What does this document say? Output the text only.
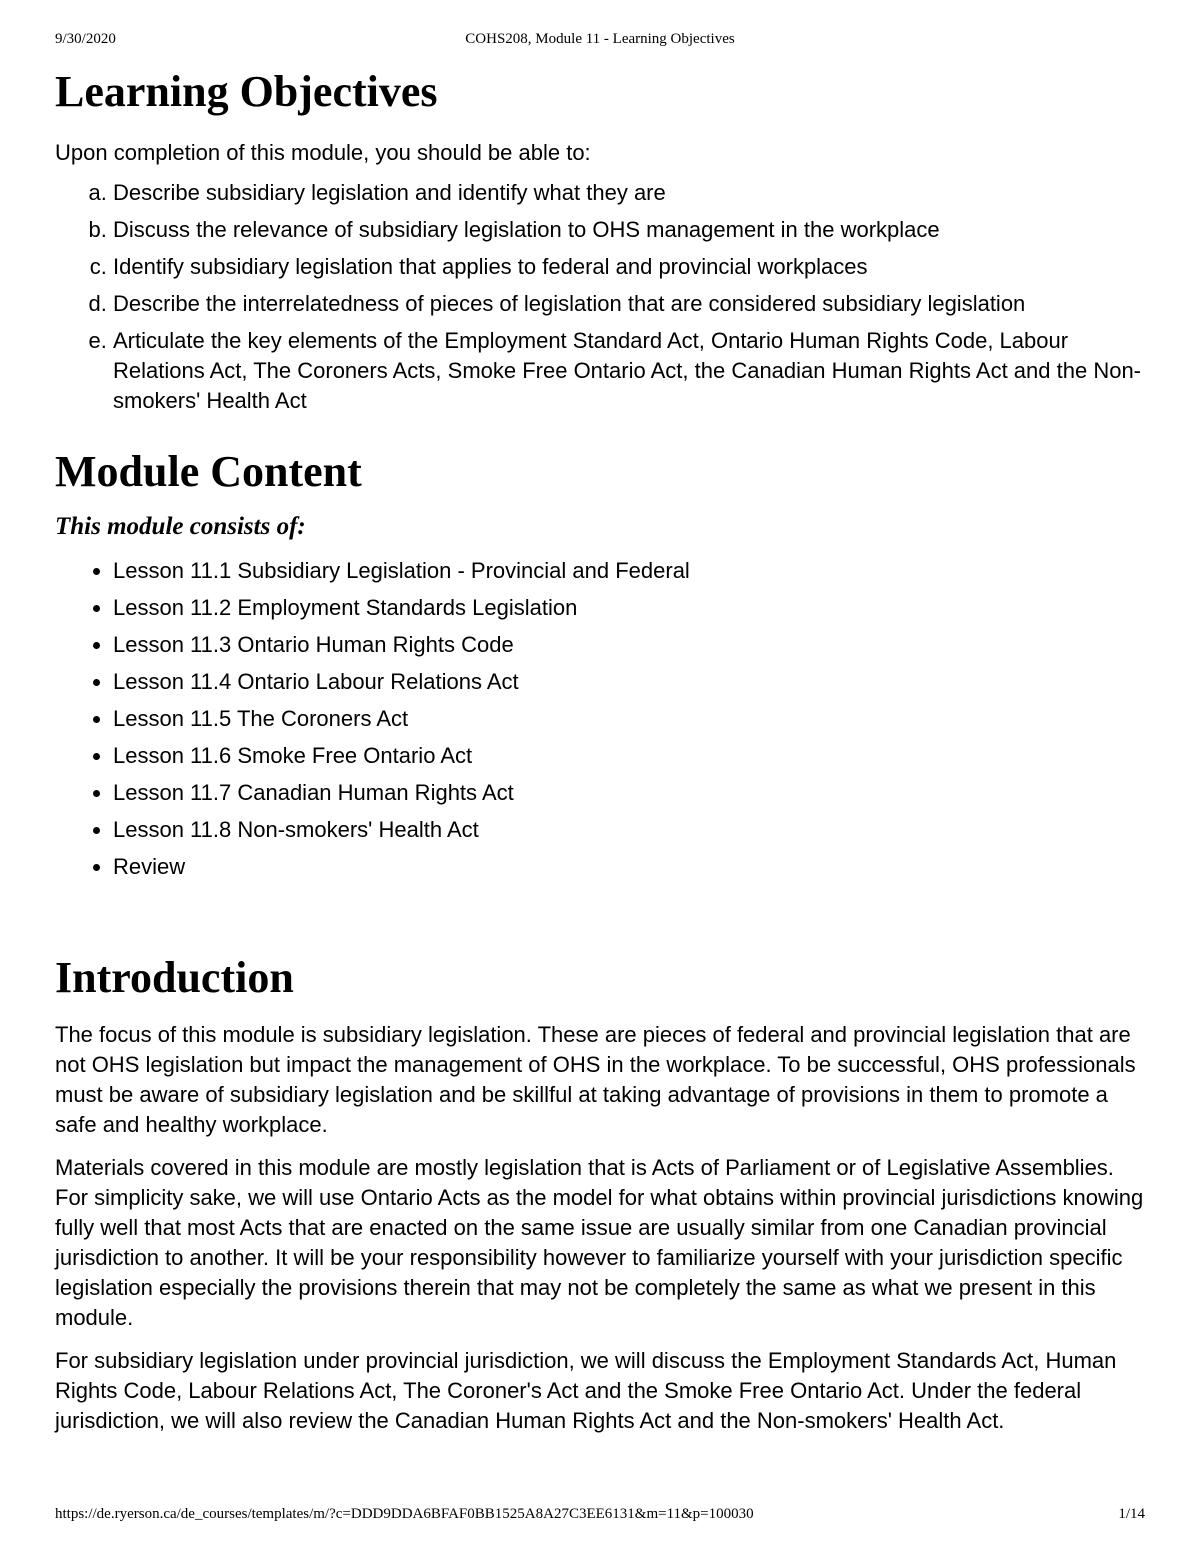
9/30/2020	COHS208, Module 11 - Learning Objectives
Learning Objectives

Upon completion of this module, you should be able to:

a. Describe subsidiary legislation and identify what they are
b. Discuss the relevance of subsidiary legislation to OHS management in the workplace
c. Identify subsidiary legislation that applies to federal and provincial workplaces
d. Describe the interrelatedness of pieces of legislation that are considered subsidiary legislation
e. Articulate the key elements of the Employment Standard Act, Ontario Human Rights Code, Labour Relations Act, The Coroners Acts, Smoke Free Ontario Act, the Canadian Human Rights Act and the Non-smokers' Health Act
Module Content

This module consists of:

• Lesson 11.1 Subsidiary Legislation - Provincial and Federal
• Lesson 11.2 Employment Standards Legislation
• Lesson 11.3 Ontario Human Rights Code
• Lesson 11.4 Ontario Labour Relations Act
• Lesson 11.5 The Coroners Act
• Lesson 11.6 Smoke Free Ontario Act
• Lesson 11.7 Canadian Human Rights Act
• Lesson 11.8 Non-smokers' Health Act
• Review
Introduction

The focus of this module is subsidiary legislation. These are pieces of federal and provincial legislation that are not OHS legislation but impact the management of OHS in the workplace. To be successful, OHS professionals must be aware of subsidiary legislation and be skillful at taking advantage of provisions in them to promote a safe and healthy workplace.

Materials covered in this module are mostly legislation that is Acts of Parliament or of Legislative Assemblies. For simplicity sake, we will use Ontario Acts as the model for what obtains within provincial jurisdictions knowing fully well that most Acts that are enacted on the same issue are usually similar from one Canadian provincial jurisdiction to another. It will be your responsibility however to familiarize yourself with your jurisdiction specific legislation especially the provisions therein that may not be completely the same as what we present in this module.

For subsidiary legislation under provincial jurisdiction, we will discuss the Employment Standards Act, Human Rights Code, Labour Relations Act, The Coroner's Act and the Smoke Free Ontario Act. Under the federal jurisdiction, we will also review the Canadian Human Rights Act and the Non-smokers' Health Act.

https://de.ryerson.ca/de_courses/templates/m/?c=DDD9DDA6BFAF0BB1525A8A27C3EE6131&m=11&p=100030	1/14
